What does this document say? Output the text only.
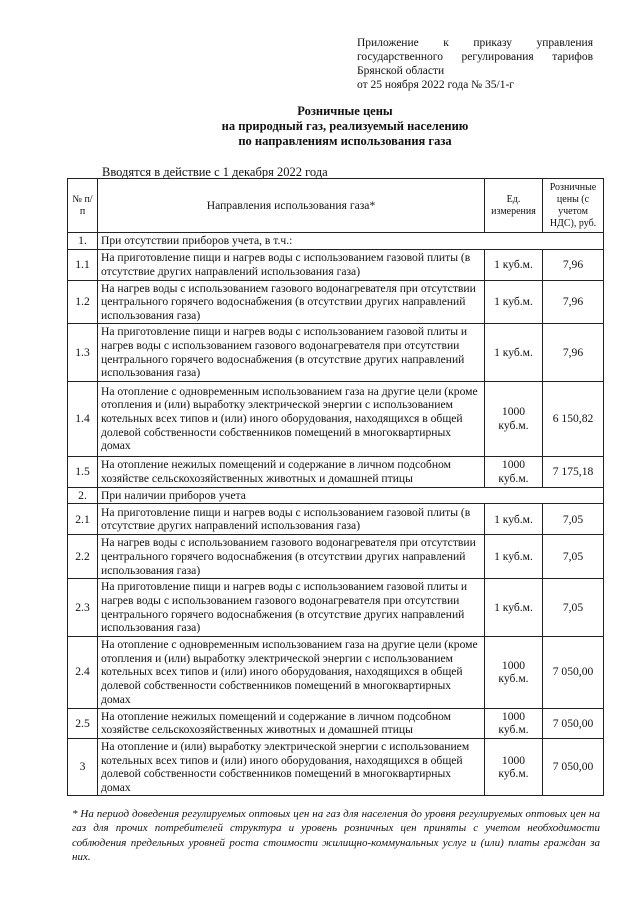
Приложение к приказу управления
государственного регулирования тарифов
Брянской области
от 25 ноября 2022 года № 35/1-г
Розничные цены
на природный газ, реализуемый населению
по направлениям использования газа
Вводятся в действие с 1 декабря 2022 года
№ п/п	Направления использования газа*	Ед. измерения	Розничные цены (с учетом НДС), руб.
1.	При отсутствии приборов учета, в т.ч.:		
1.1	На приготовление пищи и нагрев воды с использованием газовой плиты (в отсутствие других направлений использования газа)	1 куб.м.	7,96
1.2	На нагрев воды с использованием газового водонагревателя при отсутствии центрального горячего водоснабжения (в отсутствии других направлений использования газа)	1 куб.м.	7,96
1.3	На приготовление пищи и нагрев воды с использованием газовой плиты и нагрев воды с использованием газового водонагревателя при отсутствии центрального горячего водоснабжения (в отсутствие других направлений использования газа)	1 куб.м.	7,96
1.4	На отопление с одновременным использованием газа на другие цели (кроме отопления и (или) выработку электрической энергии с использованием котельных всех типов и (или) иного оборудования, находящихся в общей долевой собственности собственников помещений в многоквартирных домах	1000 куб.м.	6 150,82
1.5	На отопление нежилых помещений и содержание в личном подсобном хозяйстве сельскохозяйственных животных и домашней птицы	1000 куб.м.	7 175,18
2.	При наличии приборов учета		
2.1	На приготовление пищи и нагрев воды с использованием газовой плиты (в отсутствие других направлений использования газа)	1 куб.м.	7,05
2.2	На нагрев воды с использованием газового водонагревателя при отсутствии центрального горячего водоснабжения (в отсутствии других направлений использования газа)	1 куб.м.	7,05
2.3	На приготовление пищи и нагрев воды с использованием газовой плиты и нагрев воды с использованием газового водонагревателя при отсутствии центрального горячего водоснабжения (в отсутствие других направлений использования газа)	1 куб.м.	7,05
2.4	На отопление с одновременным использованием газа на другие цели (кроме отопления и (или) выработку электрической энергии с использованием котельных всех типов и (или) иного оборудования, находящихся в общей долевой собственности собственников помещений в многоквартирных домах	1000 куб.м.	7 050,00
2.5	На отопление нежилых помещений и содержание в личном подсобном хозяйстве сельскохозяйственных животных и домашней птицы	1000 куб.м.	7 050,00
3	На отопление и (или) выработку электрической энергии с использованием котельных всех типов и (или) иного оборудования, находящихся в общей долевой собственности собственников помещений в многоквартирных домах	1000 куб.м.	7 050,00
* На период доведения регулируемых оптовых цен на газ для населения до уровня регулируемых оптовых цен на газ для прочих потребителей структура и уровень розничных цен приняты с учетом необходимости соблюдения предельных уровней роста стоимости жилищно-коммунальных услуг и (или) платы граждан за них.
